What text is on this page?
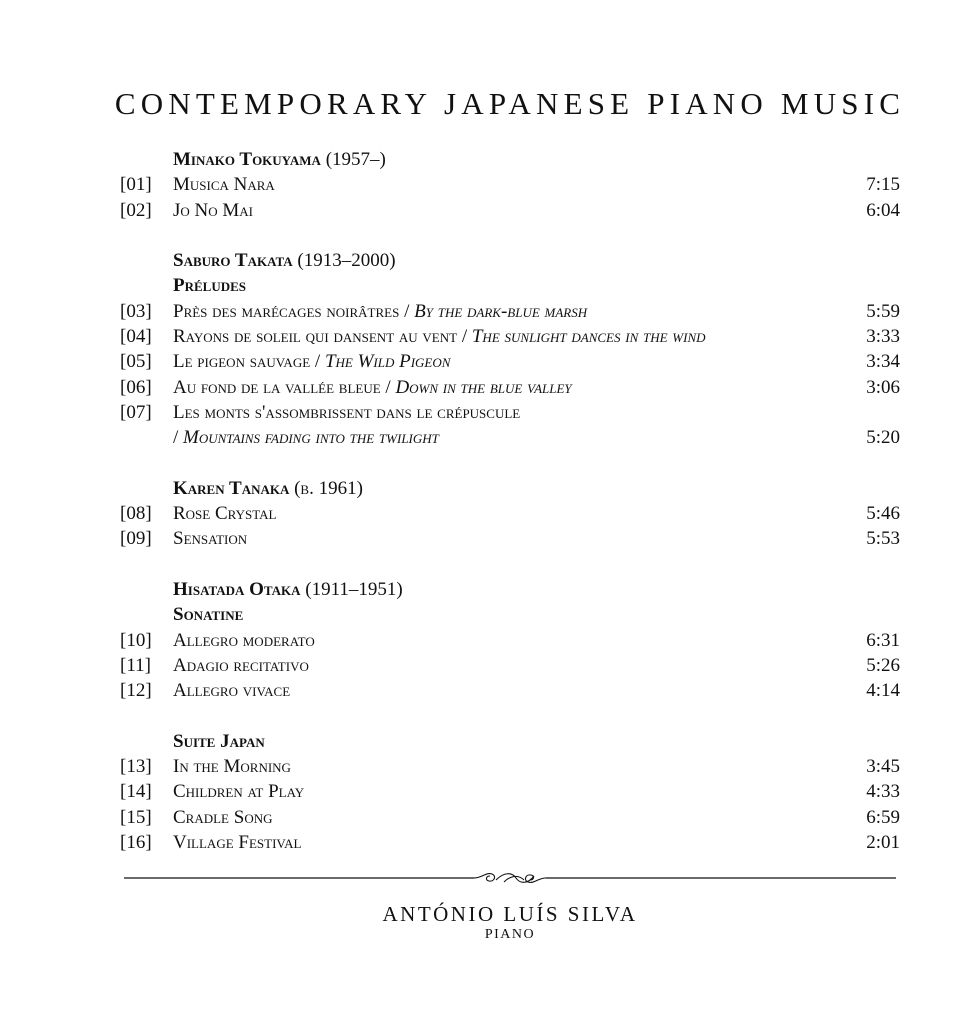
CONTEMPORARY JAPANESE PIANO MUSIC
Minako Tokuyama (1957–)
[01]	Musica Nara	7:15
[02]	Jo No Mai	6:04
Saburo Takata (1913–2000)
Préludes
[03]	Près des marécages noirâtres / By the dark-blue marsh	5:59
[04]	Rayons de soleil qui dansent au vent / The sunlight dances in the wind	3:33
[05]	Le pigeon sauvage / The Wild Pigeon	3:34
[06]	Au fond de la vallée bleue / Down in the blue valley	3:06
[07]	Les monts s'assombrissent dans le crépuscule
/ Mountains fading into the twilight	5:20
Karen Tanaka (b. 1961)
[08]	Rose Crystal	5:46
[09]	Sensation	5:53
Hisatada Otaka (1911–1951)
Sonatine
[10]	Allegro moderato	6:31
[11]	Adagio recitativo	5:26
[12]	Allegro vivace	4:14
Suite Japan
[13]	In the Morning	3:45
[14]	Children at Play	4:33
[15]	Cradle Song	6:59
[16]	Village Festival	2:01
ANTÓNIO LUÍS SILVA
PIANO
